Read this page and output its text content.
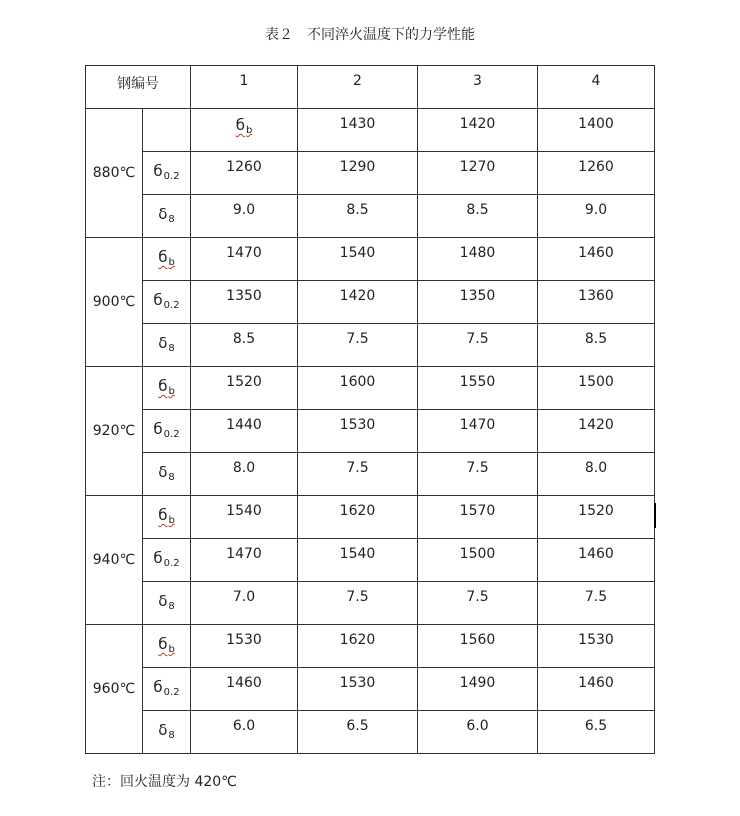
表２　不同淬火温度下的力学性能
钢编号		1	2	3	4
880℃		$б_b$	1430	1420	1400
	$б_{0.2}$	1260	1290	1270	1260
	$\delta_8$	9.0	8.5	8.5	9.0
900℃	$б_b$	1470	1540	1480	1460
	$б_{0.2}$	1350	1420	1350	1360
	$\delta_8$	8.5	7.5	7.5	8.5
920℃	$б_b$	1520	1600	1550	1500
	$б_{0.2}$	1440	1530	1470	1420
	$\delta_8$	8.0	7.5	7.5	8.0
940℃	$б_b$	1540	1620	1570	1520
	$б_{0.2}$	1470	1540	1500	1460
	$\delta_8$	7.0	7.5	7.5	7.5
960℃	$б_b$	1530	1620	1560	1530
	$б_{0.2}$	1460	1530	1490	1460
	$\delta_8$	6.0	6.5	6.0	6.5
注：回火温度为 420℃
